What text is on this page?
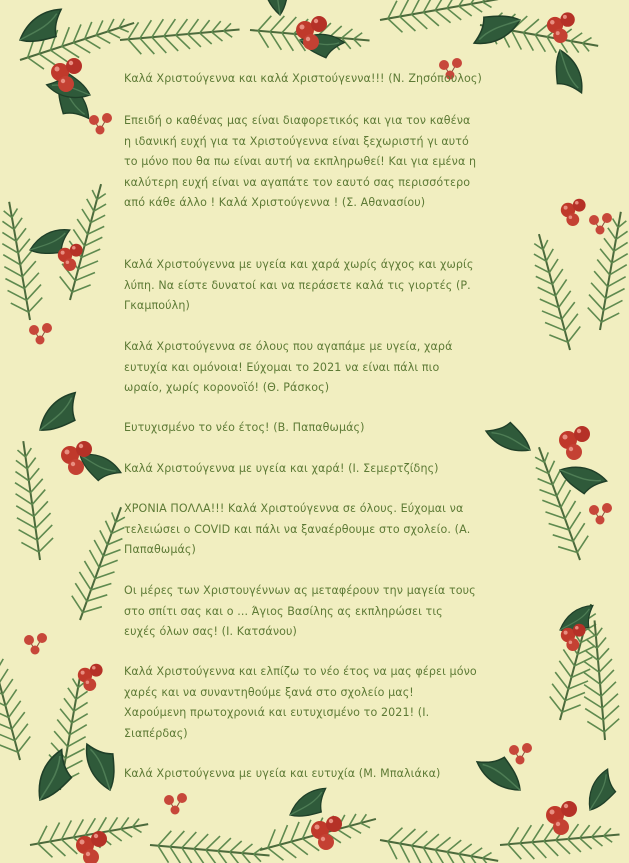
Καλά Χριστούγεννα και καλά Χριστούγεννα!!! (Ν. Ζησόπουλος)

Επειδή ο καθένας μας είναι διαφορετικός και για τον καθένα η ιδανική ευχή για τα Χριστούγεννα είναι ξεχωριστή γι αυτό το μόνο που θα πω είναι αυτή να εκπληρωθεί! Και για εμένα η καλύτερη ευχή είναι να αγαπάτε τον εαυτό σας περισσότερο από κάθε άλλο ! Καλά Χριστούγεννα ! (Σ. Αθανασίου)

Καλά Χριστούγεννα με υγεία και χαρά χωρίς άγχος και χωρίς λύπη. Να είστε δυνατοί και να περάσετε καλά τις γιορτές (Ρ. Γκαμπούλη)

Καλά Χριστούγεννα σε όλους που αγαπάμε με υγεία, χαρά ευτυχία και ομόνοια! Εύχομαι το 2021 να είναι πάλι πιο ωραίο, χωρίς κορονοϊό! (Θ. Ράσκος)

Ευτυχισμένο το νέο έτος! (Β. Παπαθωμάς)

Καλά Χριστούγεννα με υγεία και χαρά! (Ι. Σεμερτζίδης)

ΧΡΟΝΙΑ ΠΟΛΛΑ!!! Καλά Χριστούγεννα σε όλους. Εύχομαι να τελειώσει ο COVID και πάλι να ξαναέρθουμε στο σχολείο. (Α. Παπαθωμάς)

Οι μέρες των Χριστουγέννων ας μεταφέρουν την μαγεία τους στο σπίτι σας και ο ... Άγιος Βασίλης ας εκπληρώσει τις ευχές όλων σας! (Ι. Κατσάνου)

Καλά Χριστούγεννα και ελπίζω το νέο έτος να μας φέρει μόνο χαρές και να συναντηθούμε ξανά στο σχολείο μας! Χαρούμενη πρωτοχρονιά και ευτυχισμένο το 2021! (Ι. Σιαπέρδας)

Καλά Χριστούγεννα με υγεία και ευτυχία (Μ. Μπαλιάκα)
